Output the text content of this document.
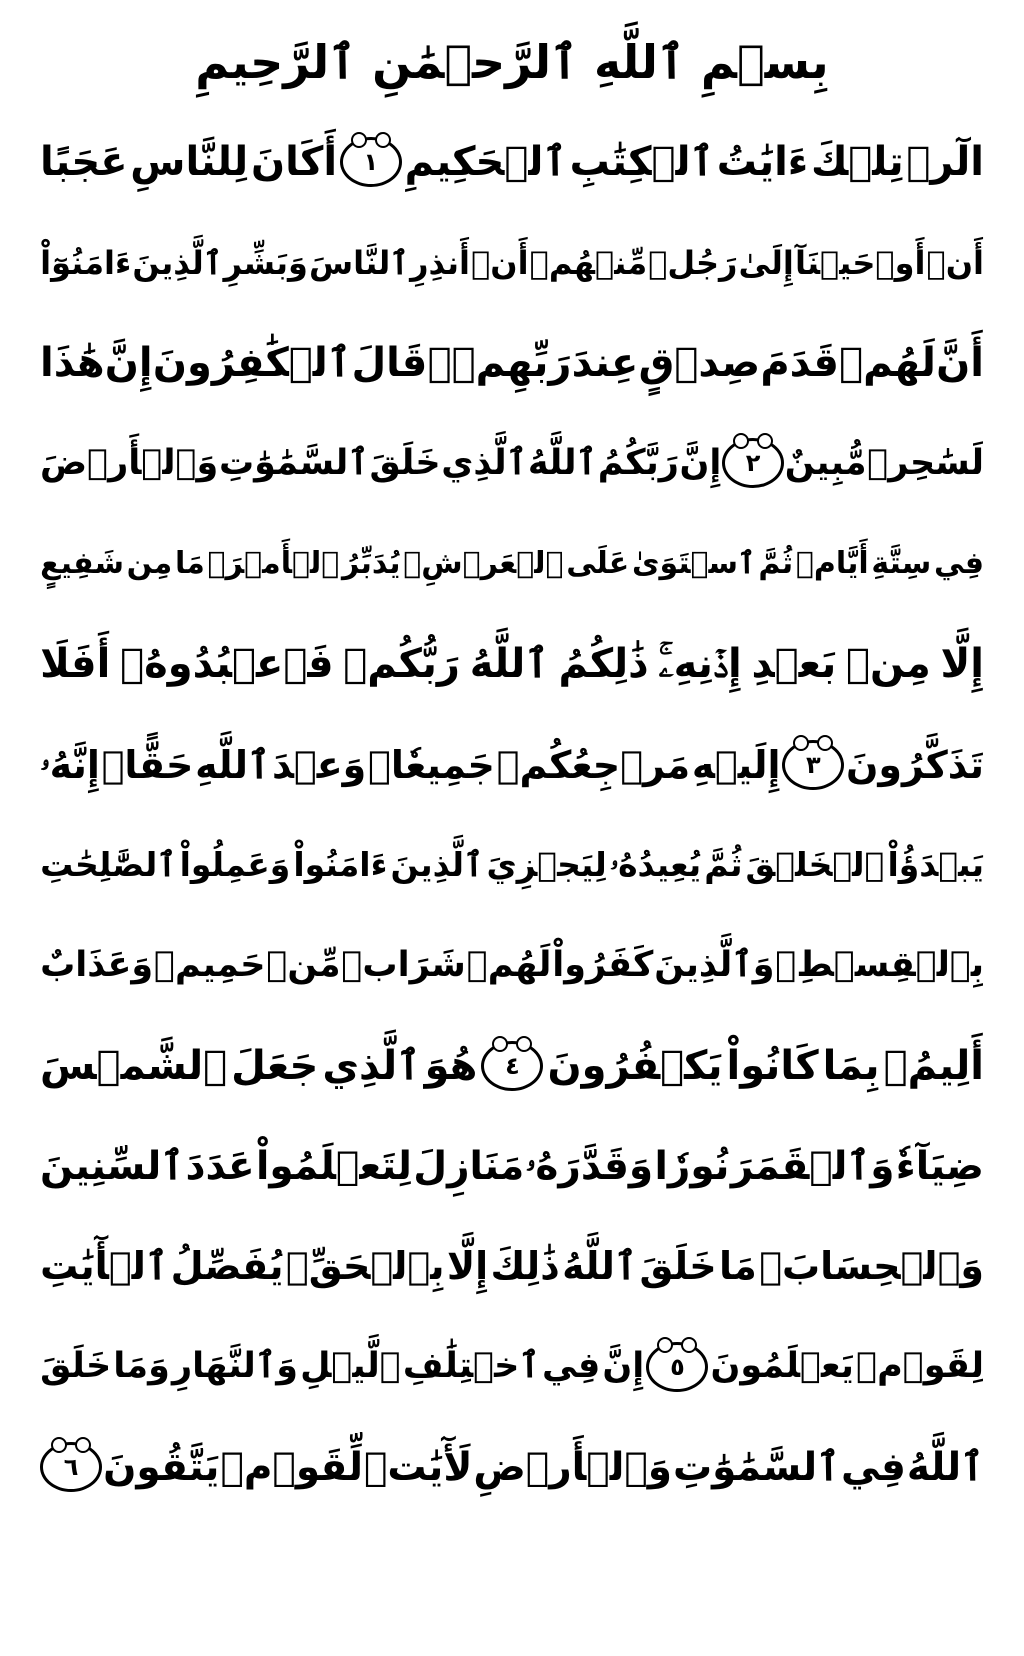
بِسۡمِ ٱللَّهِ ٱلرَّحۡمَٰنِ ٱلرَّحِيمِ
الٓرۚ
تِلۡكَ
ءَايَٰتُ
ٱلۡكِتَٰبِ
ٱلۡحَكِيمِ
١
أَكَانَ
لِلنَّاسِ
عَجَبًا
أَنۡ
أَوۡحَيۡنَآ
إِلَىٰ
رَجُلٖ
مِّنۡهُمۡ
أَنۡ
أَنذِرِ
ٱلنَّاسَ
وَبَشِّرِ
ٱلَّذِينَ
ءَامَنُوٓاْ
أَنَّ
لَهُمۡ
قَدَمَ
صِدۡقٍ
عِندَ
رَبِّهِمۡۗ
قَالَ
ٱلۡكَٰفِرُونَ
إِنَّ
هَٰذَا
لَسَٰحِرٞ
مُّبِينٌ
٢
إِنَّ
رَبَّكُمُ
ٱللَّهُ
ٱلَّذِي
خَلَقَ
ٱلسَّمَٰوَٰتِ
وَٱلۡأَرۡضَ
فِي
سِتَّةِ
أَيَّامٖ
ثُمَّ
ٱسۡتَوَىٰ
عَلَى
ٱلۡعَرۡشِۖ
يُدَبِّرُ
ٱلۡأَمۡرَۖ
مَا
مِن
شَفِيعٍ
إِلَّا
مِنۢ
بَعۡدِ
إِذۡنِهِۦۚ
ذَٰلِكُمُ
ٱللَّهُ
رَبُّكُمۡ
فَٱعۡبُدُوهُۚ
أَفَلَا
تَذَكَّرُونَ
٣
إِلَيۡهِ
مَرۡجِعُكُمۡ
جَمِيعٗاۖ
وَعۡدَ
ٱللَّهِ
حَقًّاۚ
إِنَّهُۥ
يَبۡدَؤُاْ
ٱلۡخَلۡقَ
ثُمَّ
يُعِيدُهُۥ
لِيَجۡزِيَ
ٱلَّذِينَ
ءَامَنُواْ
وَعَمِلُواْ
ٱلصَّٰلِحَٰتِ
بِٱلۡقِسۡطِۚ
وَٱلَّذِينَ
كَفَرُواْ
لَهُمۡ
شَرَابٞ
مِّنۡ
حَمِيمٖ
وَعَذَابٌ
أَلِيمُۢ
بِمَا
كَانُواْ
يَكۡفُرُونَ
٤
هُوَ
ٱلَّذِي
جَعَلَ
ٱلشَّمۡسَ
ضِيَآءٗ
وَٱلۡقَمَرَ
نُورٗا
وَقَدَّرَهُۥ
مَنَازِلَ
لِتَعۡلَمُواْ
عَدَدَ
ٱلسِّنِينَ
وَٱلۡحِسَابَۚ
مَا
خَلَقَ
ٱللَّهُ
ذَٰلِكَ
إِلَّا
بِٱلۡحَقِّۚ
يُفَصِّلُ
ٱلۡأٓيَٰتِ
لِقَوۡمٖ
يَعۡلَمُونَ
٥
إِنَّ
فِي
ٱخۡتِلَٰفِ
ٱلَّيۡلِ
وَٱلنَّهَارِ
وَمَا
خَلَقَ
ٱللَّهُ
فِي
ٱلسَّمَٰوَٰتِ
وَٱلۡأَرۡضِ
لَأٓيَٰتٖ
لِّقَوۡمٖ
يَتَّقُونَ
٦
